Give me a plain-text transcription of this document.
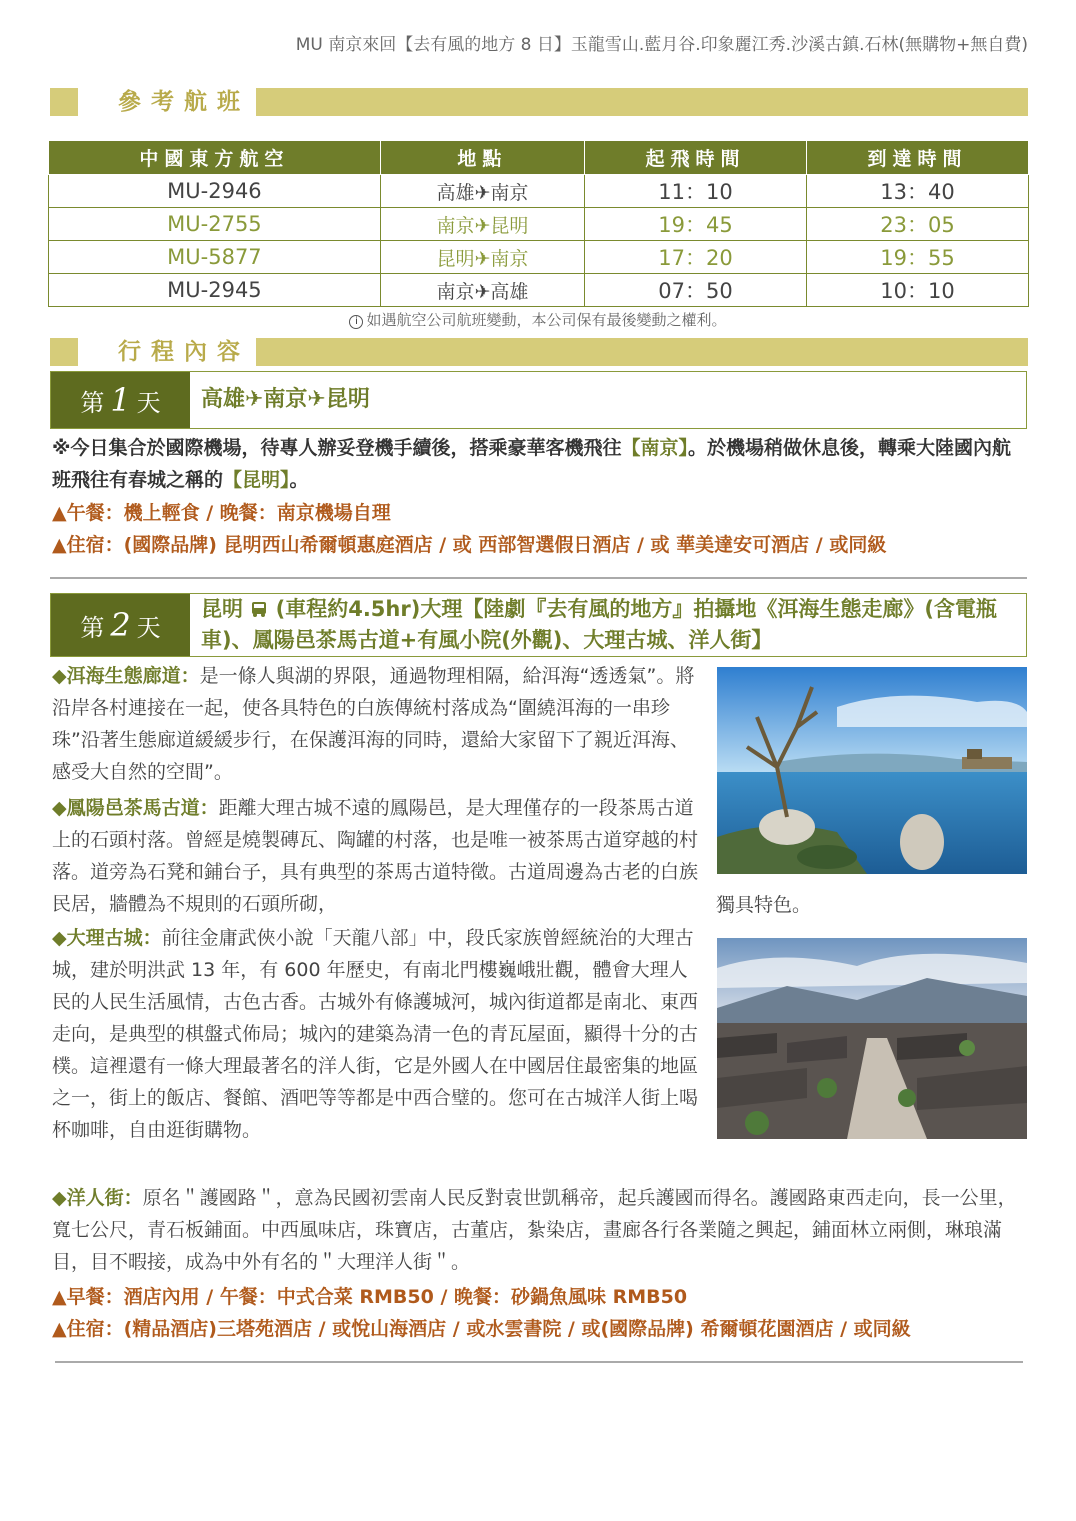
MU 南京來回【去有風的地方 8 日】玉龍雪山.藍月谷.印象麗江秀.沙溪古鎮.石林(無購物+無自費)
參考航班
中國東方航空	地點	起飛時間	到達時間
MU-2946	高雄✈南京	11：10	13：40
MU-2755	南京✈昆明	19：45	23：05
MU-5877	昆明✈南京	17：20	19：55
MU-2945	南京✈高雄	07：50	10：10
i 如遇航空公司航班變動，本公司保有最後變動之權利。
行程內容
第 1 天 高雄✈南京✈昆明
※今日集合於國際機場，待專人辦妥登機手續後，搭乘豪華客機飛往【南京】。於機場稍做休息後，轉乘大陸國內航班飛往有春城之稱的【昆明】。
▲午餐：機上輕食 / 晚餐：南京機場自理
▲住宿：(國際品牌) 昆明西山希爾頓惠庭酒店 / 或 西部智選假日酒店 / 或 華美達安可酒店 / 或同級
第 2 天
昆明 (車程約4.5hr)大理【陸劇『去有風的地方』拍攝地《洱海生態走廊》(含電瓶車)、鳳陽邑茶馬古道+有風小院(外觀)、大理古城、洋人街】
◆洱海生態廊道：是一條人與湖的界限，通過物理相隔，給洱海“透透氣”。將沿岸各村連接在一起，使各具特色的白族傳統村落成為“圍繞洱海的一串珍珠”沿著生態廊道緩緩步行，在保護洱海的同時，還給大家留下了親近洱海、感受大自然的空間”。
◆鳳陽邑茶馬古道：距離大理古城不遠的鳳陽邑，是大理僅存的一段茶馬古道上的石頭村落。曾經是燒製磚瓦、陶罐的村落，也是唯一被茶馬古道穿越的村落。道旁為石凳和鋪台子，具有典型的茶馬古道特徵。古道周邊為古老的白族民居，牆體為不規則的石頭所砌，	獨具特色。
◆大理古城：前往金庸武俠小說「天龍八部」中，段氏家族曾經統治的大理古城，建於明洪武 13 年，有 600 年歷史，有南北門樓巍峨壯觀，體會大理人民的人民生活風情，古色古香。古城外有條護城河，城內街道都是南北、東西走向，是典型的棋盤式佈局；城內的建築為清一色的青瓦屋面，顯得十分的古樸。這裡還有一條大理最著名的洋人街，它是外國人在中國居住最密集的地區之一，街上的飯店、餐館、酒吧等等都是中西合璧的。您可在古城洋人街上喝杯咖啡，自由逛街購物。
◆洋人街：原名＂護國路＂，意為民國初雲南人民反對袁世凱稱帝，起兵護國而得名。護國路東西走向，長一公里，寬七公尺，青石板鋪面。中西風味店，珠寶店，古董店，紮染店，畫廊各行各業隨之興起，鋪面林立兩側，琳琅滿目，目不暇接，成為中外有名的＂大理洋人街＂。
▲早餐：酒店內用 / 午餐：中式合菜 RMB50 / 晚餐：砂鍋魚風味 RMB50
▲住宿：(精品酒店)三塔苑酒店 / 或悅山海酒店 / 或水雲書院 / 或(國際品牌) 希爾頓花園酒店 / 或同級
